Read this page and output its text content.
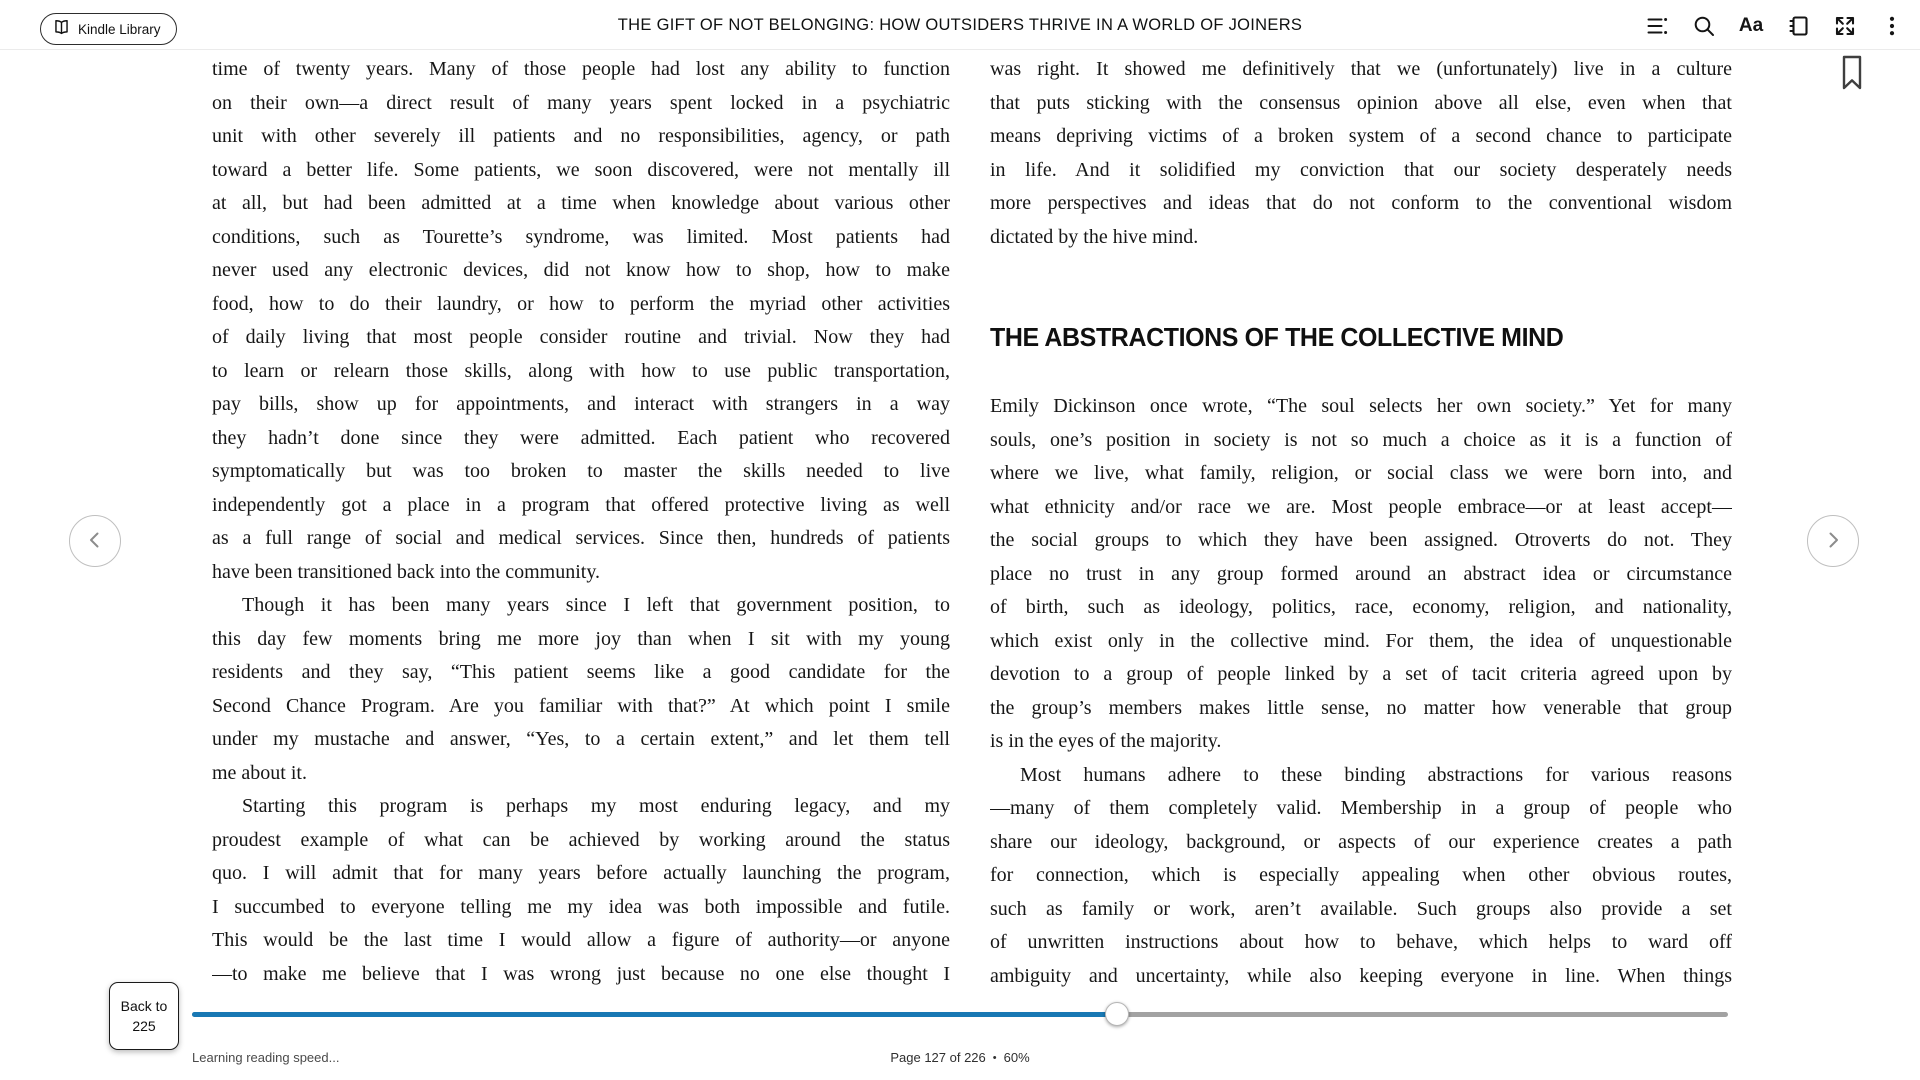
Kindle Library	THE GIFT OF NOT BELONGING: HOW OUTSIDERS THRIVE IN A WORLD OF JOINERS	Aa
time of twenty years. Many of those people had lost any ability to function
on their own—a direct result of many years spent locked in a psychiatric
unit with other severely ill patients and no responsibilities, agency, or path
toward a better life. Some patients, we soon discovered, were not mentally ill
at all, but had been admitted at a time when knowledge about various other
conditions, such as Tourette’s syndrome, was limited. Most patients had
never used any electronic devices, did not know how to shop, how to make
food, how to do their laundry, or how to perform the myriad other activities
of daily living that most people consider routine and trivial. Now they had
to learn or relearn those skills, along with how to use public transportation,
pay bills, show up for appointments, and interact with strangers in a way
they hadn’t done since they were admitted. Each patient who recovered
symptomatically but was too broken to master the skills needed to live
independently got a place in a program that offered protective living as well
as a full range of social and medical services. Since then, hundreds of patients
have been transitioned back into the community.
Though it has been many years since I left that government position, to
this day few moments bring me more joy than when I sit with my young
residents and they say, “This patient seems like a good candidate for the
Second Chance Program. Are you familiar with that?” At which point I smile
under my mustache and answer, “Yes, to a certain extent,” and let them tell
me about it.
Starting this program is perhaps my most enduring legacy, and my
proudest example of what can be achieved by working around the status
quo. I will admit that for many years before actually launching the program,
I succumbed to everyone telling me my idea was both impossible and futile.
This would be the last time I would allow a figure of authority—or anyone
—to make me believe that I was wrong just because no one else thought I
was right. It showed me definitively that we (unfortunately) live in a culture
that puts sticking with the consensus opinion above all else, even when that
means depriving victims of a broken system of a second chance to participate
in life. And it solidified my conviction that our society desperately needs
more perspectives and ideas that do not conform to the conventional wisdom
dictated by the hive mind.
THE ABSTRACTIONS OF THE COLLECTIVE MIND
Emily Dickinson once wrote, “The soul selects her own society.” Yet for many
souls, one’s position in society is not so much a choice as it is a function of
where we live, what family, religion, or social class we were born into, and
what ethnicity and/or race we are. Most people embrace—or at least accept—
the social groups to which they have been assigned. Otroverts do not. They
place no trust in any group formed around an abstract idea or circumstance
of birth, such as ideology, politics, race, economy, religion, and nationality,
which exist only in the collective mind. For them, the idea of unquestionable
devotion to a group of people linked by a set of tacit criteria agreed upon by
the group’s members makes little sense, no matter how venerable that group
is in the eyes of the majority.
Most humans adhere to these binding abstractions for various reasons
—many of them completely valid. Membership in a group of people who
share our ideology, background, or aspects of our experience creates a path
for connection, which is especially appealing when other obvious routes,
such as family or work, aren’t available. Such groups also provide a set
of unwritten instructions about how to behave, which helps to ward off
ambiguity and uncertainty, while also keeping everyone in line. When things
Back to
225
Learning reading speed...	Page 127 of 226 • 60%
